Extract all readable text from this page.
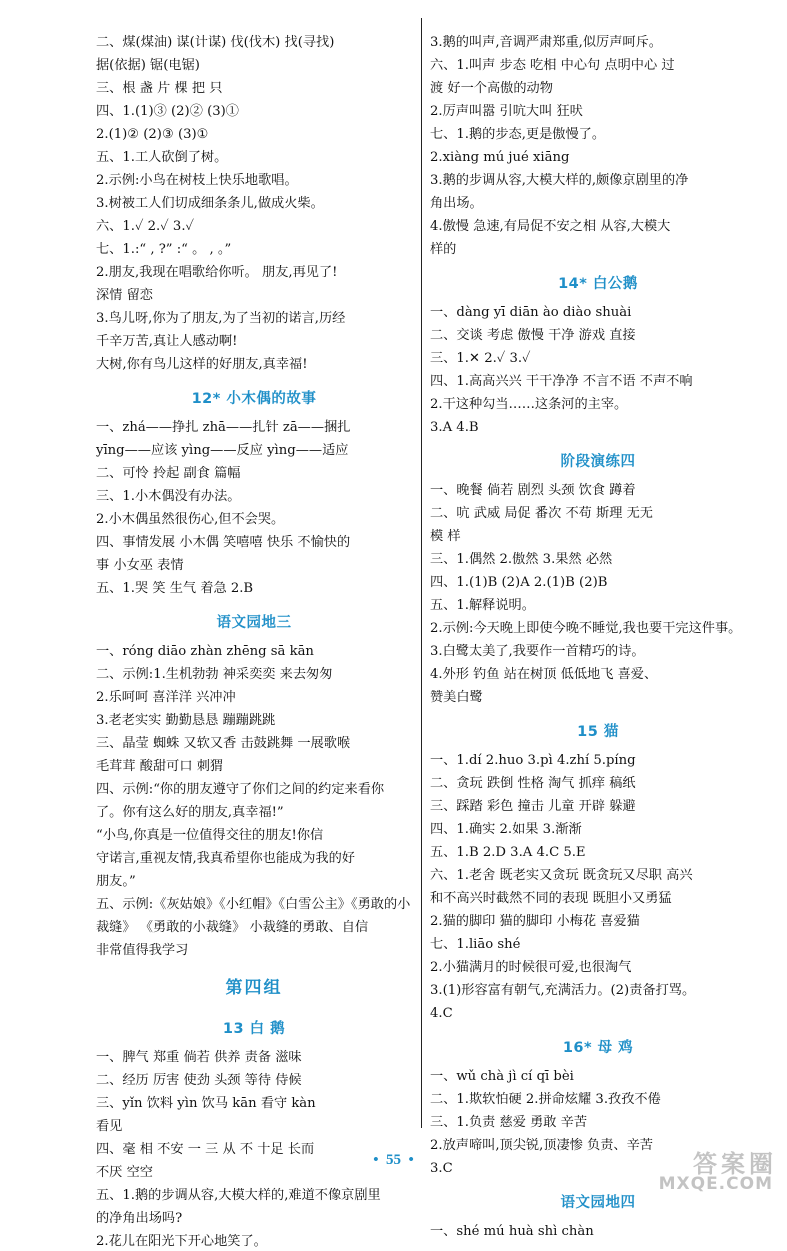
二、煤(煤油) 谋(计谋) 伐(伐木) 找(寻找)
据(依据) 锯(电锯)
三、根 盏 片 棵 把 只
四、1.(1)③ (2)② (3)①
2.(1)② (2)③ (3)①
五、1.工人砍倒了树。
2.示例:小鸟在树枝上快乐地歌唱。
3.树被工人们切成细条条儿,做成火柴。
六、1.✓ 2.✓ 3.✓
七、1.:“ , ?” :“ 。 , 。”
2.朋友,我现在唱歌给你听。 朋友,再见了!
深情 留恋
3.鸟儿呀,你为了朋友,为了当初的诺言,历经
千辛万苦,真让人感动啊!
大树,你有鸟儿这样的好朋友,真幸福!
12* 小木偶的故事
一、zhá——挣扎 zhā——扎针 zā——捆扎
yīng——应该 yìng——反应 yìng——适应
二、可怜 拎起 副食 篇幅
三、1.小木偶没有办法。
2.小木偶虽然很伤心,但不会哭。
四、事情发展 小木偶 笑嘻嘻 快乐 不愉快的
事 小女巫 表情
五、1.哭 笑 生气 着急 2.B
语文园地三
一、róng diāo zhàn zhēng sā kān
二、示例:1.生机勃勃 神采奕奕 来去匆匆
2.乐呵呵 喜洋洋 兴冲冲
3.老老实实 勤勤恳恳 蹦蹦跳跳
三、晶莹 蜘蛛 又软又香 击鼓跳舞 一展歌喉
毛茸茸 酸甜可口 刺猬
四、示例:“你的朋友遵守了你们之间的约定来看你
了。你有这么好的朋友,真幸福!”
“小鸟,你真是一位值得交往的朋友!你信
守诺言,重视友情,我真希望你也能成为我的好
朋友。”
五、示例:《灰姑娘》《小红帽》《白雪公主》《勇敢的小
裁缝》 《勇敢的小裁缝》 小裁缝的勇敢、自信
非常值得我学习
第四组
13 白 鹅
一、脾气 郑重 倘若 供养 责备 滋味
二、经历 厉害 使劲 头颈 等待 侍候
三、yǐn 饮料 yìn 饮马 kān 看守 kàn
看见
四、毫 相 不安 一 三 从 不 十足 长而
不厌 空空
五、1.鹅的步调从容,大模大样的,难道不像京剧里
的净角出场吗?
2.花儿在阳光下开心地笑了。
3.鹅的叫声,音调严肃郑重,似厉声呵斥。
六、1.叫声 步态 吃相 中心句 点明中心 过
渡 好一个高傲的动物
2.厉声叫嚣 引吭大叫 狂吠
七、1.鹅的步态,更是傲慢了。
2.xiàng mú jué xiāng
3.鹅的步调从容,大模大样的,颇像京剧里的净
角出场。
4.傲慢 急速,有局促不安之相 从容,大模大
样的
14* 白公鹅
一、dàng yī diān ào diào shuài
二、交谈 考虑 傲慢 干净 游戏 直接
三、1.✕ 2.✓ 3.✓
四、1.高高兴兴 干干净净 不言不语 不声不响
2.干这种勾当……这条河的主宰。
3.A 4.B
阶段演练四
一、晚餐 倘若 剧烈 头颈 饮食 蹲着
二、吭 武威 局促 番次 不苟 斯理 无无
模 样
三、1.偶然 2.傲然 3.果然 必然
四、1.(1)B (2)A 2.(1)B (2)B
五、1.解释说明。
2.示例:今天晚上即使今晚不睡觉,我也要干完这件事。
3.白鹭太美了,我要作一首精巧的诗。
4.外形 钓鱼 站在树顶 低低地飞 喜爱、
赞美白鹭
15 猫
一、1.dí 2.huo 3.pì 4.zhí 5.píng
二、贪玩 跌倒 性格 淘气 抓痒 稿纸
三、踩踏 彩色 撞击 儿童 开辟 躲避
四、1.确实 2.如果 3.渐渐
五、1.B 2.D 3.A 4.C 5.E
六、1.老舍 既老实又贪玩 既贪玩又尽职 高兴
和不高兴时截然不同的表现 既胆小又勇猛
2.猫的脚印 猫的脚印 小梅花 喜爱猫
七、1.liāo shé
2.小猫满月的时候很可爱,也很淘气
3.(1)形容富有朝气,充满活力。(2)责备打骂。
4.C
16* 母 鸡
一、wǔ chà jì cí qī bèi
二、1.欺软怕硬 2.拼命炫耀 3.孜孜不倦
三、1.负责 慈爱 勇敢 辛苦
2.放声啼叫,顶尖锐,顶凄惨 负责、辛苦
3.C
语文园地四
一、shé mú huà shì chàn
•  55  •	答案圈
MXQE.COM
